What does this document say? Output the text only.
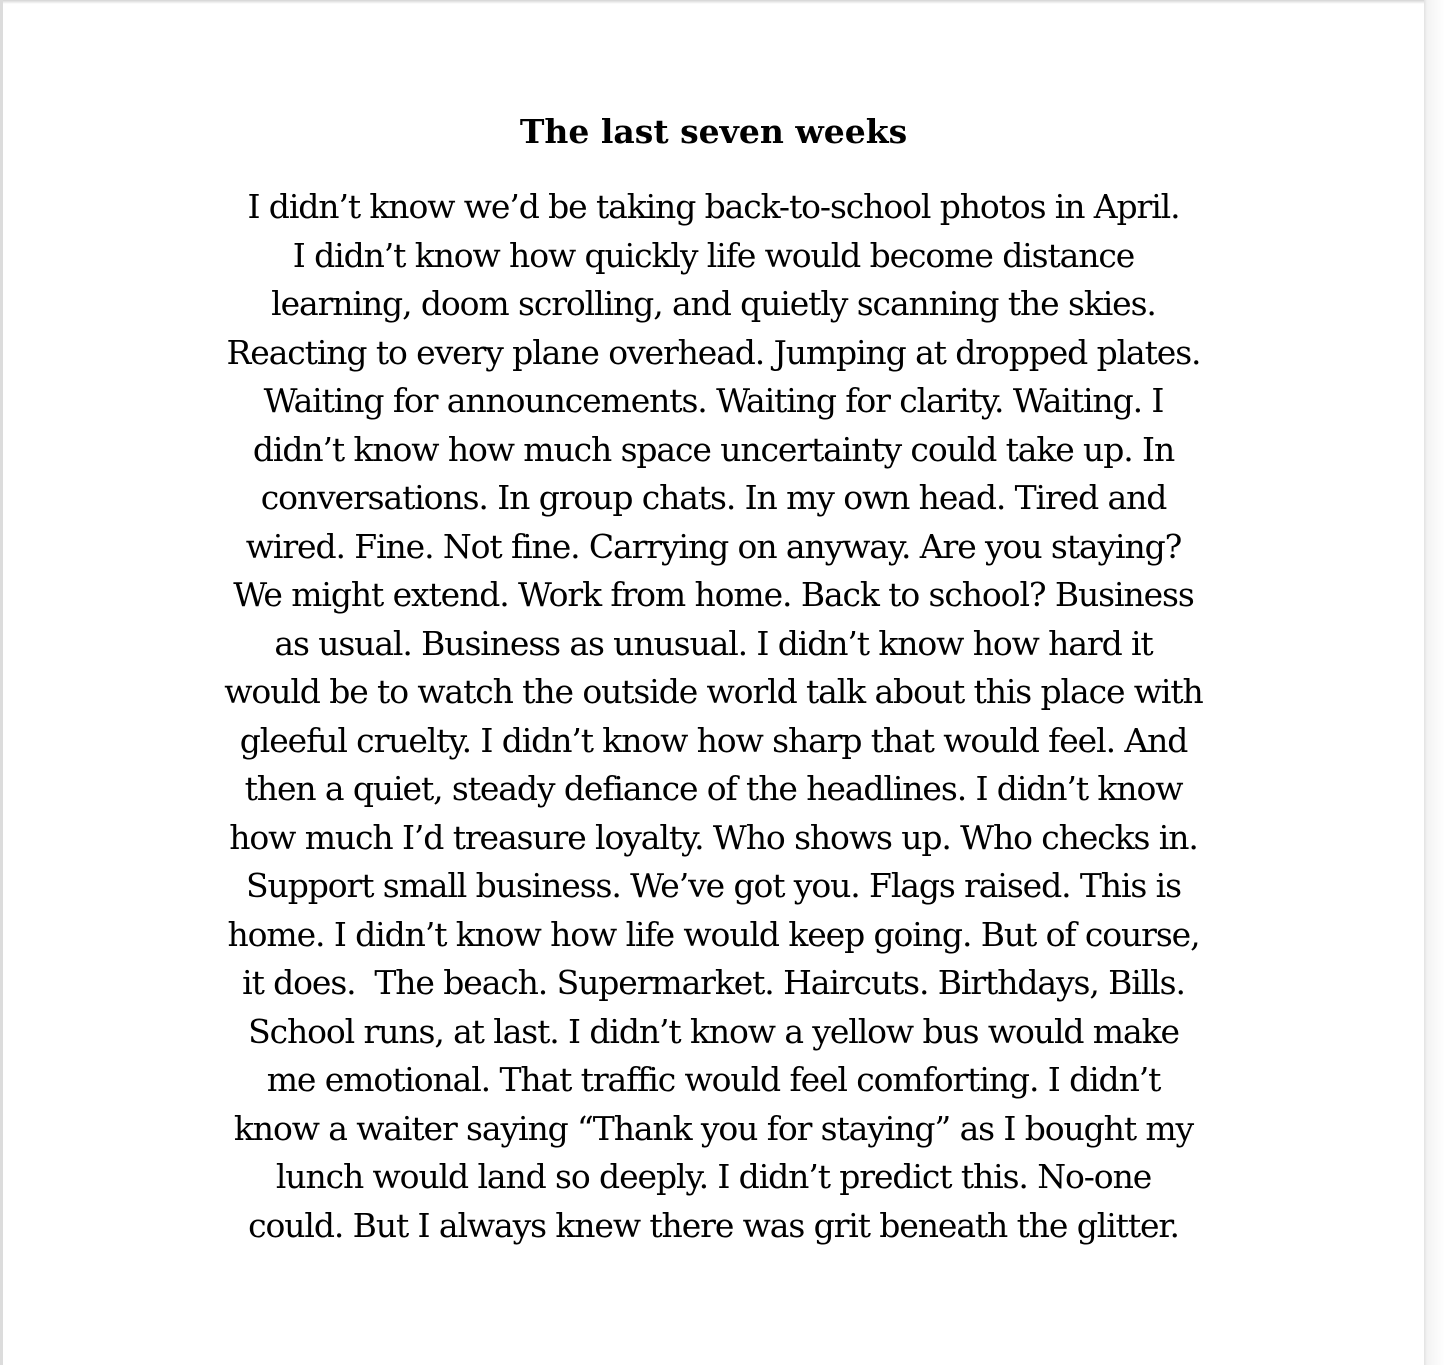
The last seven weeks
I didn’t know we’d be taking back-to-school photos in April.
I didn’t know how quickly life would become distance
learning, doom scrolling, and quietly scanning the skies.
Reacting to every plane overhead. Jumping at dropped plates.
Waiting for announcements. Waiting for clarity. Waiting. I
didn’t know how much space uncertainty could take up. In
conversations. In group chats. In my own head. Tired and
wired. Fine. Not fine. Carrying on anyway. Are you staying?
We might extend. Work from home. Back to school? Business
as usual. Business as unusual. I didn’t know how hard it
would be to watch the outside world talk about this place with
gleeful cruelty. I didn’t know how sharp that would feel. And
then a quiet, steady defiance of the headlines. I didn’t know
how much I’d treasure loyalty. Who shows up. Who checks in.
Support small business. We’ve got you. Flags raised. This is
home. I didn’t know how life would keep going. But of course,
it does.  The beach. Supermarket. Haircuts. Birthdays, Bills.
School runs, at last. I didn’t know a yellow bus would make
me emotional. That traffic would feel comforting. I didn’t
know a waiter saying “Thank you for staying” as I bought my
lunch would land so deeply. I didn’t predict this. No-one
could. But I always knew there was grit beneath the glitter.
